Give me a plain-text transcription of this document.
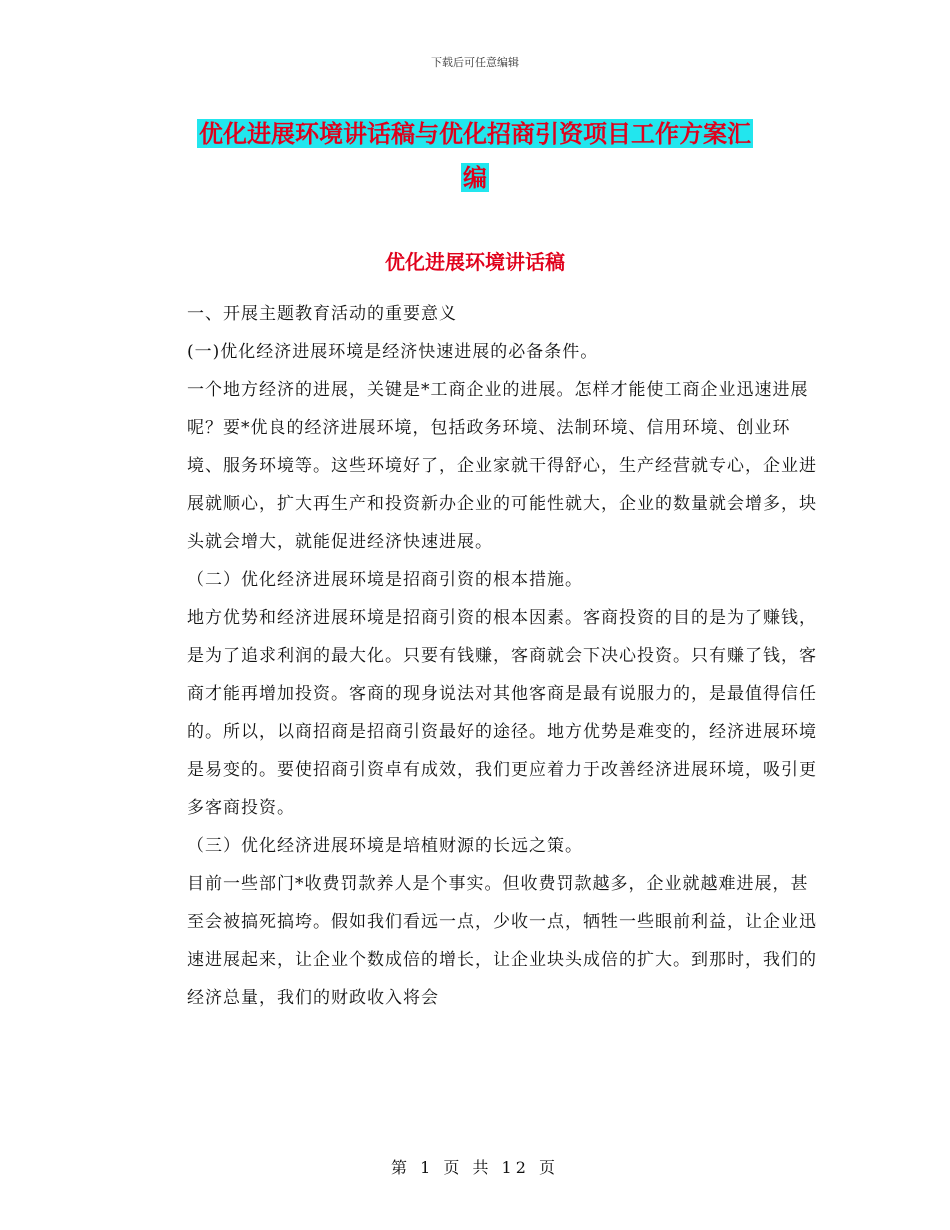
下载后可任意编辑
优化进展环境讲话稿与优化招商引资项目工作方案汇
编
优化进展环境讲话稿

一、开展主题教育活动的重要意义

(一)优化经济进展环境是经济快速进展的必备条件。

一个地方经济的进展，关键是*工商企业的进展。怎样才能使工商企业迅速进展呢？要*优良的经济进展环境，包括政务环境、法制环境、信用环境、创业环境、服务环境等。这些环境好了，企业家就干得舒心，生产经营就专心，企业进展就顺心，扩大再生产和投资新办企业的可能性就大，企业的数量就会增多，块头就会增大，就能促进经济快速进展。

（二）优化经济进展环境是招商引资的根本措施。

地方优势和经济进展环境是招商引资的根本因素。客商投资的目的是为了赚钱，是为了追求利润的最大化。只要有钱赚，客商就会下决心投资。只有赚了钱，客商才能再增加投资。客商的现身说法对其他客商是最有说服力的，是最值得信任的。所以，以商招商是招商引资最好的途径。地方优势是难变的，经济进展环境是易变的。要使招商引资卓有成效，我们更应着力于改善经济进展环境，吸引更多客商投资。

（三）优化经济进展环境是培植财源的长远之策。

目前一些部门*收费罚款养人是个事实。但收费罚款越多，企业就越难进展，甚至会被搞死搞垮。假如我们看远一点，少收一点，牺牲一些眼前利益，让企业迅速进展起来，让企业个数成倍的增长，让企业块头成倍的扩大。到那时，我们的经济总量，我们的财政收入将会

第 1 页 共 12 页
